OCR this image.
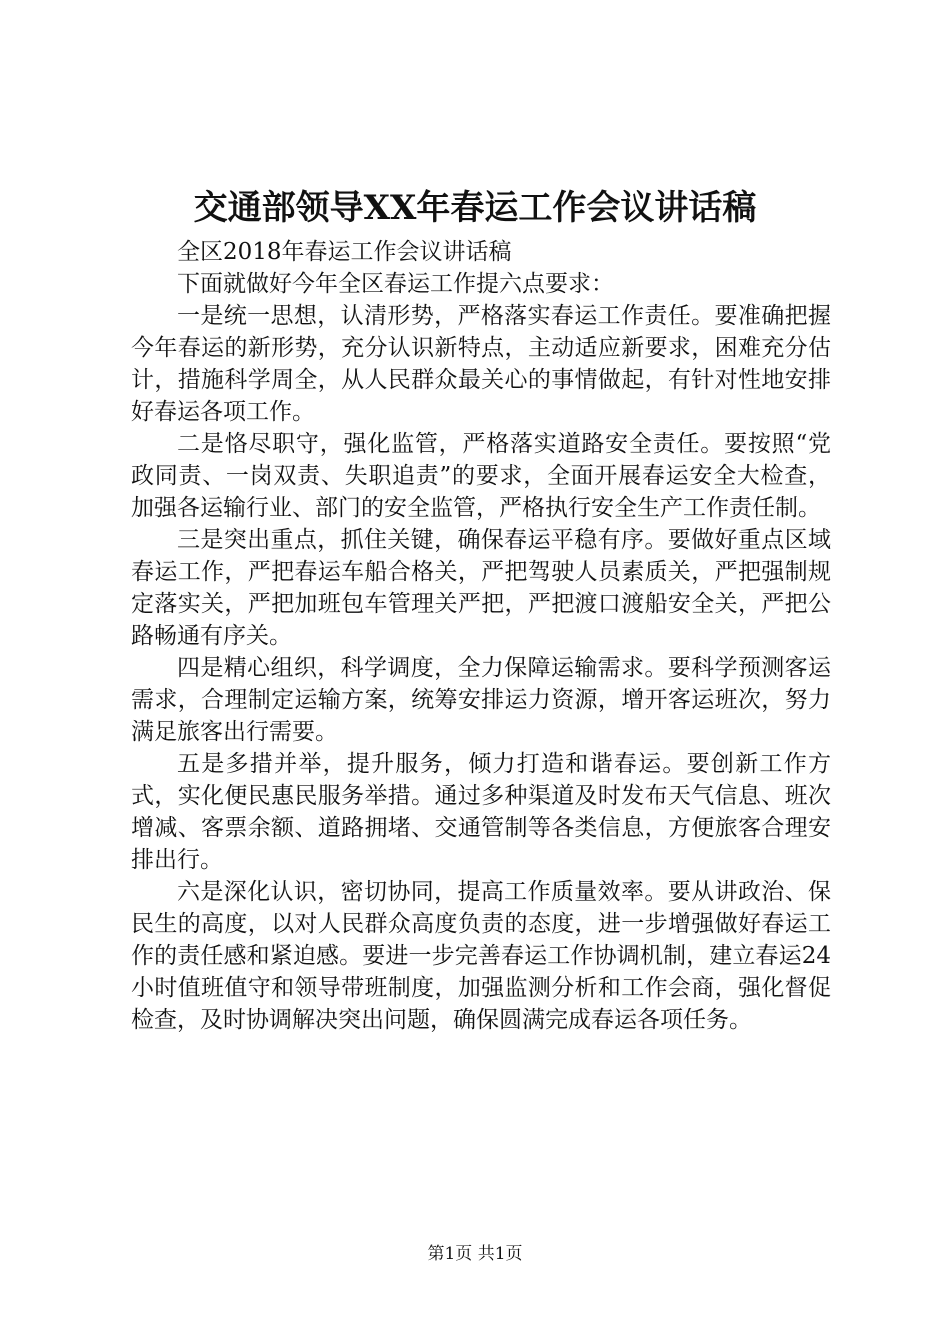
交通部领导XX年春运工作会议讲话稿

全区2018年春运工作会议讲话稿

下面就做好今年全区春运工作提六点要求：

一是统一思想，认清形势，严格落实春运工作责任。要准确把握今年春运的新形势，充分认识新特点，主动适应新要求，困难充分估计，措施科学周全，从人民群众最关心的事情做起，有针对性地安排好春运各项工作。

二是恪尽职守，强化监管，严格落实道路安全责任。要按照“党政同责、一岗双责、失职追责”的要求，全面开展春运安全大检查，加强各运输行业、部门的安全监管，严格执行安全生产工作责任制。

三是突出重点，抓住关键，确保春运平稳有序。要做好重点区域春运工作，严把春运车船合格关，严把驾驶人员素质关，严把强制规定落实关，严把加班包车管理关严把，严把渡口渡船安全关，严把公路畅通有序关。

四是精心组织，科学调度，全力保障运输需求。要科学预测客运需求，合理制定运输方案，统筹安排运力资源，增开客运班次，努力满足旅客出行需要。

五是多措并举，提升服务，倾力打造和谐春运。要创新工作方式，实化便民惠民服务举措。通过多种渠道及时发布天气信息、班次增减、客票余额、道路拥堵、交通管制等各类信息，方便旅客合理安排出行。

六是深化认识，密切协同，提高工作质量效率。要从讲政治、保民生的高度，以对人民群众高度负责的态度，进一步增强做好春运工作的责任感和紧迫感。要进一步完善春运工作协调机制，建立春运24小时值班值守和领导带班制度，加强监测分析和工作会商，强化督促检查，及时协调解决突出问题，确保圆满完成春运各项任务。

第1页 共1页
